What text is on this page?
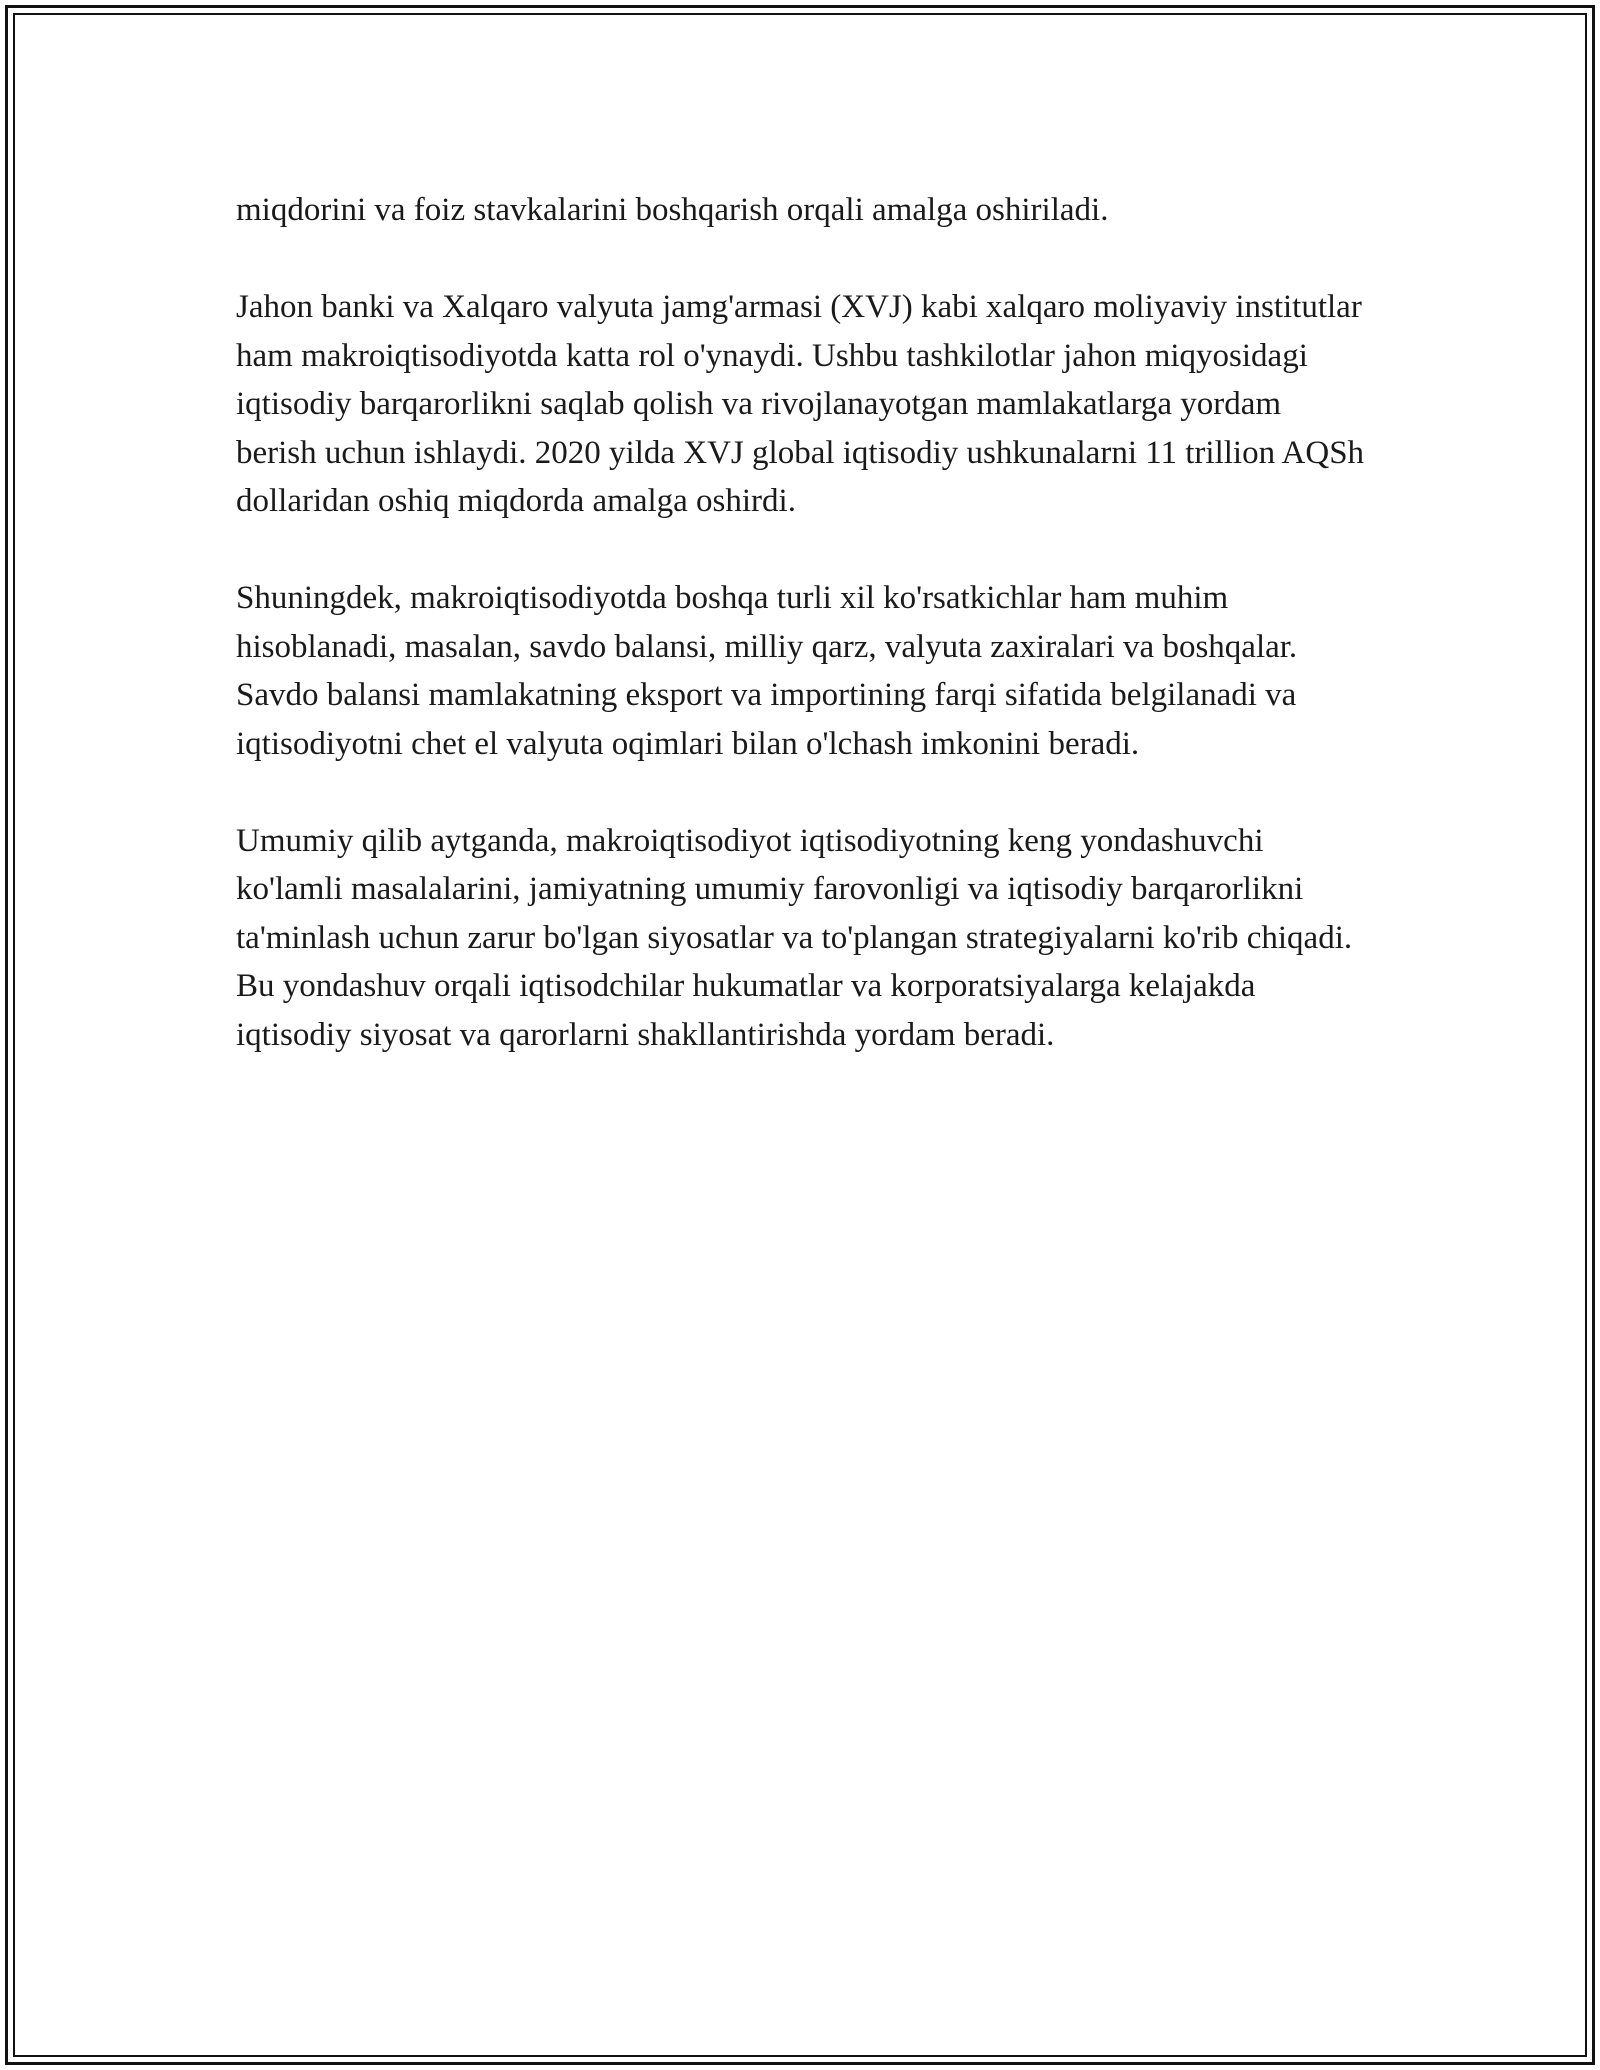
miqdorini va foiz stavkalarini boshqarish orqali amalga oshiriladi.

Jahon banki va Xalqaro valyuta jamg'armasi (XVJ) kabi xalqaro moliyaviy institutlar ham makroiqtisodiyotda katta rol o'ynaydi. Ushbu tashkilotlar jahon miqyosidagi iqtisodiy barqarorlikni saqlab qolish va rivojlanayotgan mamlakatlarga yordam berish uchun ishlaydi. 2020 yilda XVJ global iqtisodiy ushkunalarni 11 trillion AQSh dollaridan oshiq miqdorda amalga oshirdi.

Shuningdek, makroiqtisodiyotda boshqa turli xil ko'rsatkichlar ham muhim hisoblanadi, masalan, savdo balansi, milliy qarz, valyuta zaxiralari va boshqalar. Savdo balansi mamlakatning eksport va importining farqi sifatida belgilanadi va iqtisodiyotni chet el valyuta oqimlari bilan o'lchash imkonini beradi.

Umumiy qilib aytganda, makroiqtisodiyot iqtisodiyotning keng yondashuvchi ko'lamli masalalarini, jamiyatning umumiy farovonligi va iqtisodiy barqarorlikni ta'minlash uchun zarur bo'lgan siyosatlar va to'plangan strategiyalarni ko'rib chiqadi. Bu yondashuv orqali iqtisodchilar hukumatlar va korporatsiyalarga kelajakda iqtisodiy siyosat va qarorlarni shakllantirishda yordam beradi.
